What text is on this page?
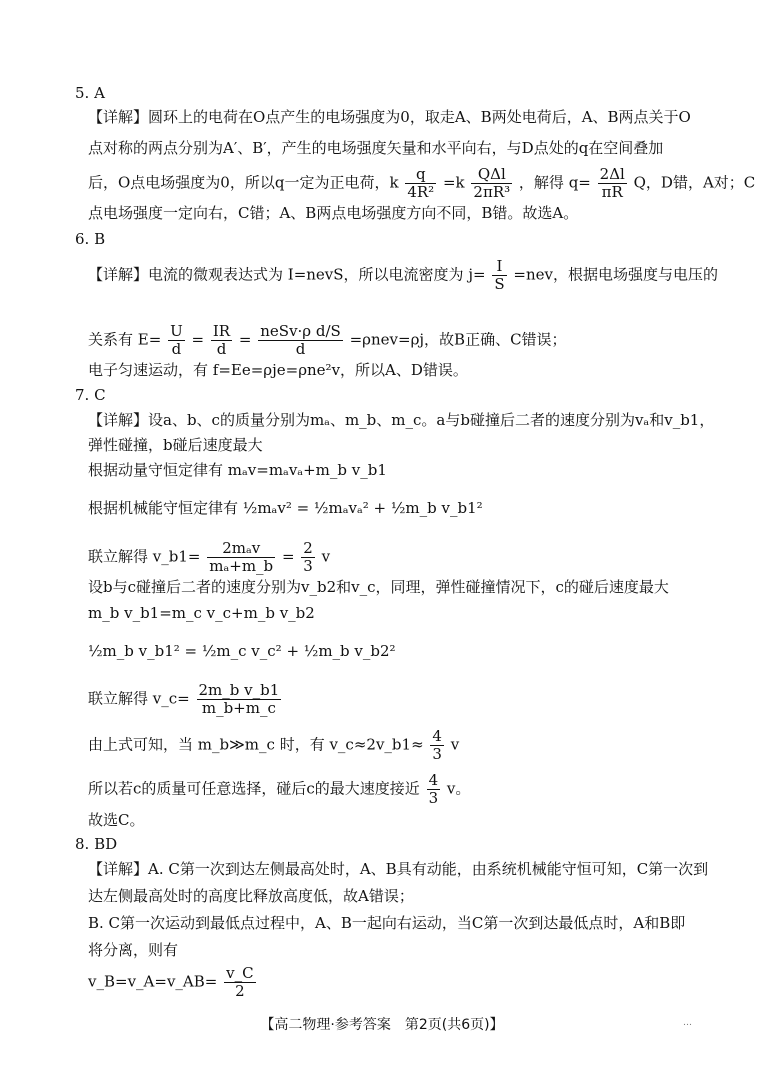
5. A
【详解】圆环上的电荷在O点产生的电场强度为0，取走A、B两处电荷后，A、B两点关于O
点对称的两点分别为A′、B′，产生的电场强度矢量和水平向右，与D点处的q在空间叠加
后，O点电场强度为0，所以q一定为正电荷，k $\frac{q}{\text{4R²}} =k \frac{\text{QΔl}}{\text{2πR³}}$ ，解得 $q= \frac{2\Delta l}{\pi R}$ Q，D错，A对；C
点电场强度一定向右，C错；A、B两点电场强度方向不同，B错。故选A。
6. B
【详解】电流的微观表达式为 I=nevS，所以电流密度为 $j= \frac{I}{S} =nev$，根据电场强度与电压的
关系有 $E= \frac{U}{d} = \frac{IR}{d} = \frac{\text{neSv·ρ d/S}}{d} =\rho nev=\rho j$，故B正确、C错误；
电子匀速运动，有 f=Ee=ρje=ρne²v，所以A、D错误。
7. C
【详解】设a、b、c的质量分别为mₐ、m_b、m_c。a与b碰撞后二者的速度分别为vₐ和v_b1，
弹性碰撞，b碰后速度最大
根据动量守恒定律有 mₐv=mₐvₐ+m_b v_b1
根据机械能守恒定律有 ½mₐv² = ½mₐvₐ² + ½m_b v_b1²
联立解得 v_b1= $\frac{\text{2mₐv}}{\text{mₐ+m\_b}} = \frac{2}{3}$ v
设b与c碰撞后二者的速度分别为v_b2和v_c，同理，弹性碰撞情况下，c的碰后速度最大
m_b v_b1=m_c v_c+m_b v_b2
½m_b v_b1² = ½m_c v_c² + ½m_b v_b2²
联立解得 v_c= $\frac{\text{2m\_b v\_b1}}{m\_b+m\_c}$
由上式可知，当 m_b≫m_c 时，有 v_c≈2v_b1≈ $\frac{4}{3}$ v
所以若c的质量可任意选择，碰后c的最大速度接近 $\frac{4}{3}$ v。
故选C。
8. BD
【详解】A. C第一次到达左侧最高处时，A、B具有动能，由系统机械能守恒可知，C第一次到
达左侧最高处时的高度比释放高度低，故A错误；
B. C第一次运动到最低点过程中，A、B一起向右运动，当C第一次到达最低点时，A和B即
将分离，则有
v_B=v_A=v_AB= $\frac{v\_C}{2}$
【高二物理·参考答案　第2页(共6页)】	…
